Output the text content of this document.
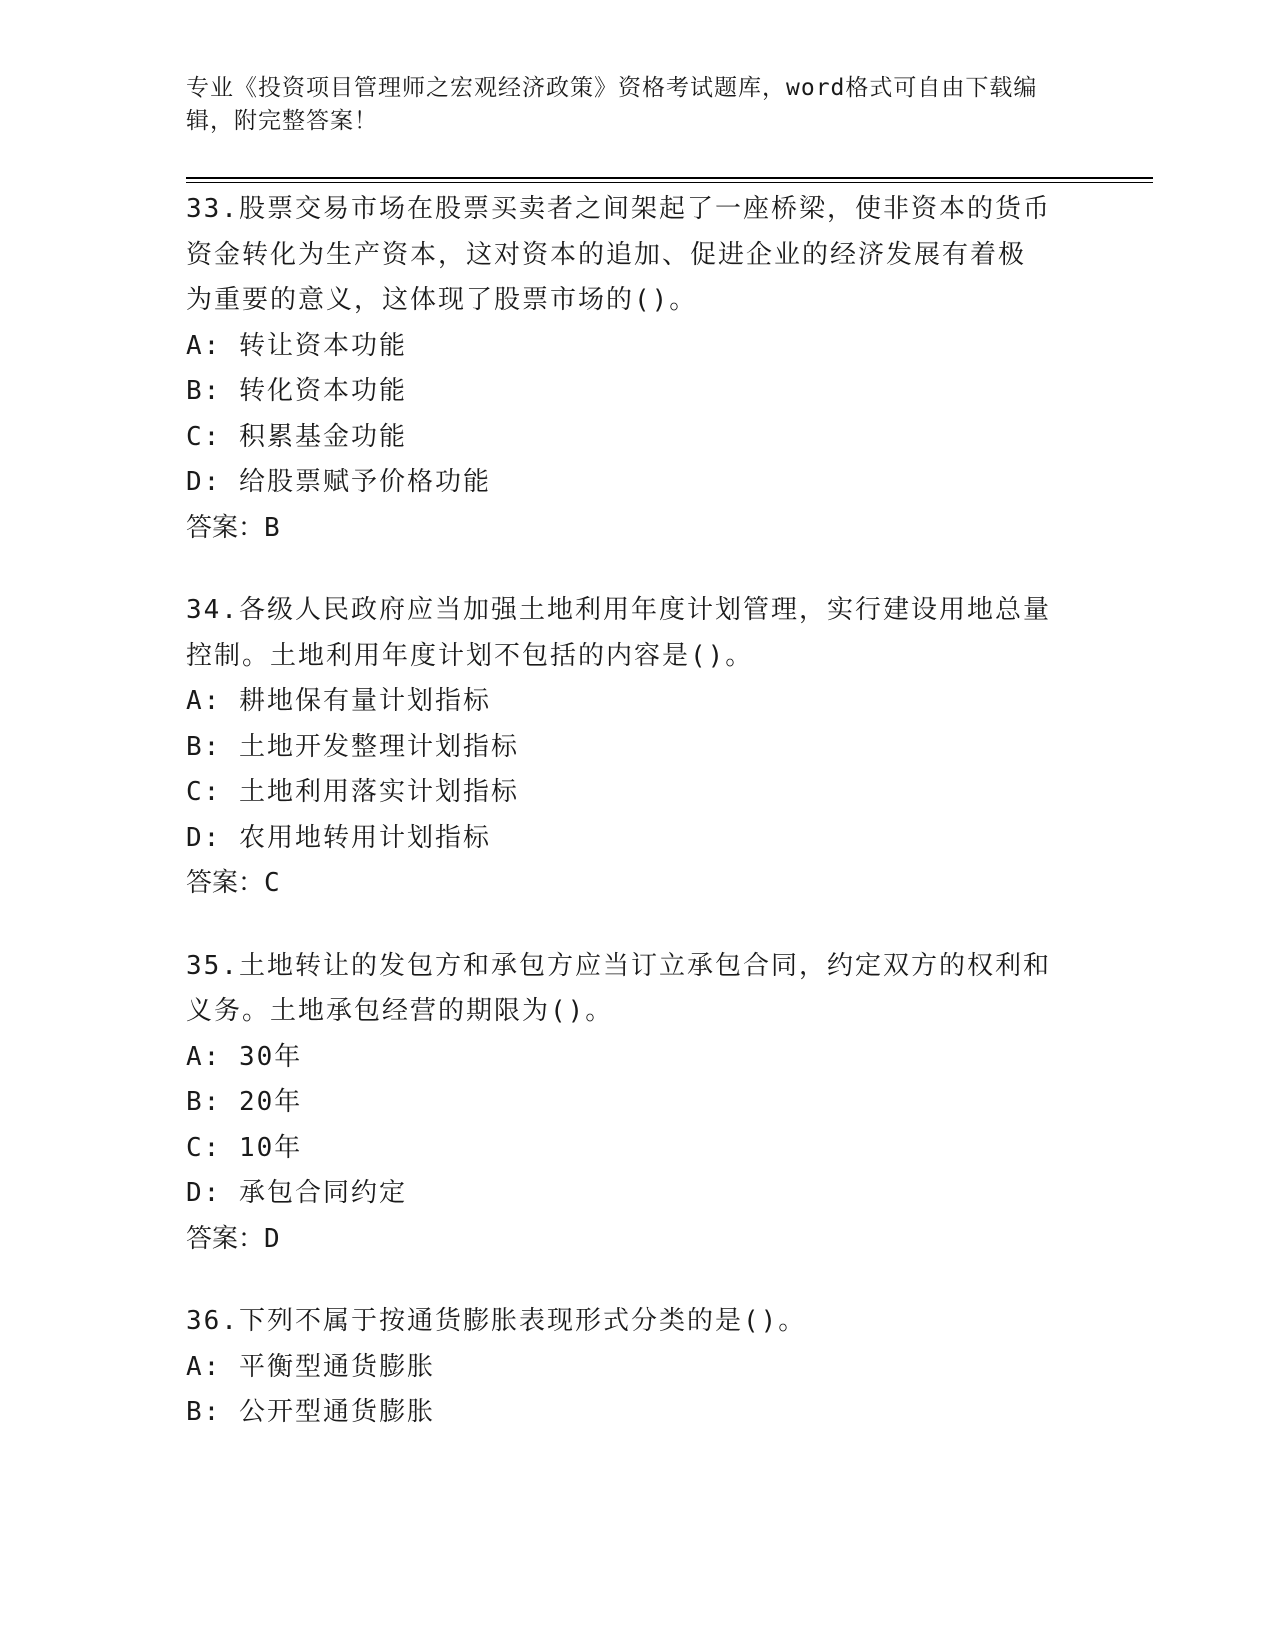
专业《投资项目管理师之宏观经济政策》资格考试题库，word格式可自由下载编
辑，附完整答案！
33.股票交易市场在股票买卖者之间架起了一座桥梁，使非资本的货币
资金转化为生产资本，这对资本的追加、促进企业的经济发展有着极
为重要的意义，这体现了股票市场的()。
A: 转让资本功能
B: 转化资本功能
C: 积累基金功能
D: 给股票赋予价格功能
答案：B
34.各级人民政府应当加强土地利用年度计划管理，实行建设用地总量
控制。土地利用年度计划不包括的内容是()。
A: 耕地保有量计划指标
B: 土地开发整理计划指标
C: 土地利用落实计划指标
D: 农用地转用计划指标
答案：C
35.土地转让的发包方和承包方应当订立承包合同，约定双方的权利和
义务。土地承包经营的期限为()。
A: 30年
B: 20年
C: 10年
D: 承包合同约定
答案：D
36.下列不属于按通货膨胀表现形式分类的是()。
A: 平衡型通货膨胀
B: 公开型通货膨胀
